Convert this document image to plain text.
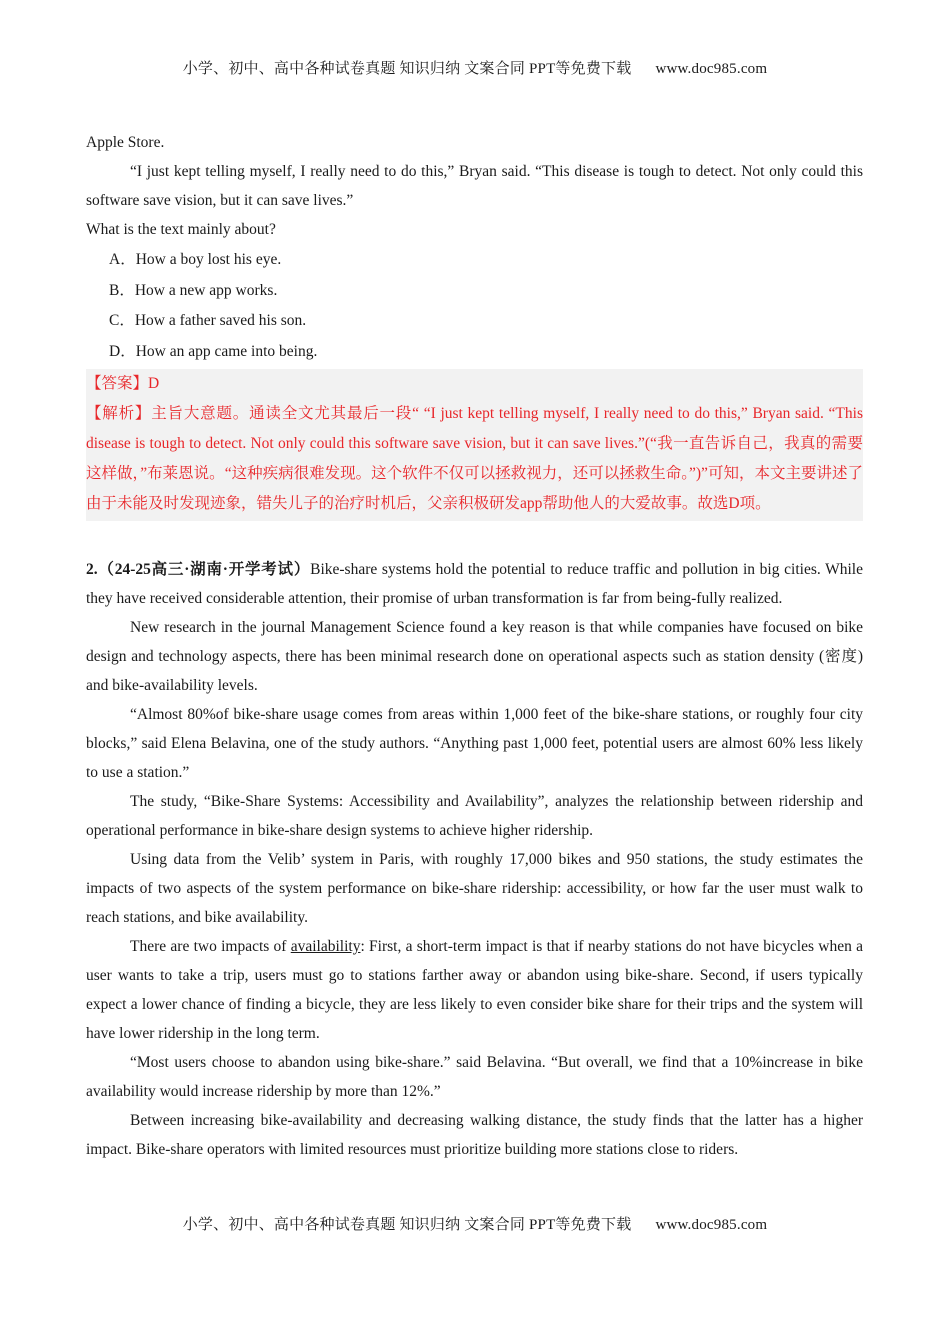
小学、初中、高中各种试卷真题 知识归纳 文案合同 PPT等免费下载 www.doc985.com

Apple Store.

“I just kept telling myself, I really need to do this,” Bryan said. “This disease is tough to detect. Not only could this software save vision, but it can save lives.”

What is the text mainly about?

A．How a boy lost his eye.

B．How a new app works.

C．How a father saved his son.

D．How an app came into being.

【答案】D

【解析】主旨大意题。通读全文尤其最后一段“ “I just kept telling myself, I really need to do this,” Bryan said. “This disease is tough to detect. Not only could this software save vision, but it can save lives.”(“我一直告诉自己，我真的需要这样做，”布莱恩说。“这种疾病很难发现。这个软件不仅可以拯救视力，还可以拯救生命。”)”可知，本文主要讲述了由于未能及时发现迹象，错失儿子的治疗时机后，父亲积极研发app帮助他人的大爱故事。故选D项。

2.（24-25高三·湖南·开学考试）Bike-share systems hold the potential to reduce traffic and pollution in big cities. While they have received considerable attention, their promise of urban transformation is far from being-fully realized.

New research in the journal Management Science found a key reason is that while companies have focused on bike design and technology aspects, there has been minimal research done on operational aspects such as station density (密度) and bike-availability levels.

“Almost 80%of bike-share usage comes from areas within 1,000 feet of the bike-share stations, or roughly four city blocks,” said Elena Belavina, one of the study authors. “Anything past 1,000 feet, potential users are almost 60% less likely to use a station.”

The study, “Bike-Share Systems: Accessibility and Availability”, analyzes the relationship between ridership and operational performance in bike-share design systems to achieve higher ridership.

Using data from the Velib’ system in Paris, with roughly 17,000 bikes and 950 stations, the study estimates the impacts of two aspects of the system performance on bike-share ridership: accessibility, or how far the user must walk to reach stations, and bike availability.

There are two impacts of availability: First, a short-term impact is that if nearby stations do not have bicycles when a user wants to take a trip, users must go to stations farther away or abandon using bike-share. Second, if users typically expect a lower chance of finding a bicycle, they are less likely to even consider bike share for their trips and the system will have lower ridership in the long term.

“Most users choose to abandon using bike-share.” said Belavina. “But overall, we find that a 10%increase in bike availability would increase ridership by more than 12%.”

Between increasing bike-availability and decreasing walking distance, the study finds that the latter has a higher impact. Bike-share operators with limited resources must prioritize building more stations close to riders.

小学、初中、高中各种试卷真题 知识归纳 文案合同 PPT等免费下载 www.doc985.com
